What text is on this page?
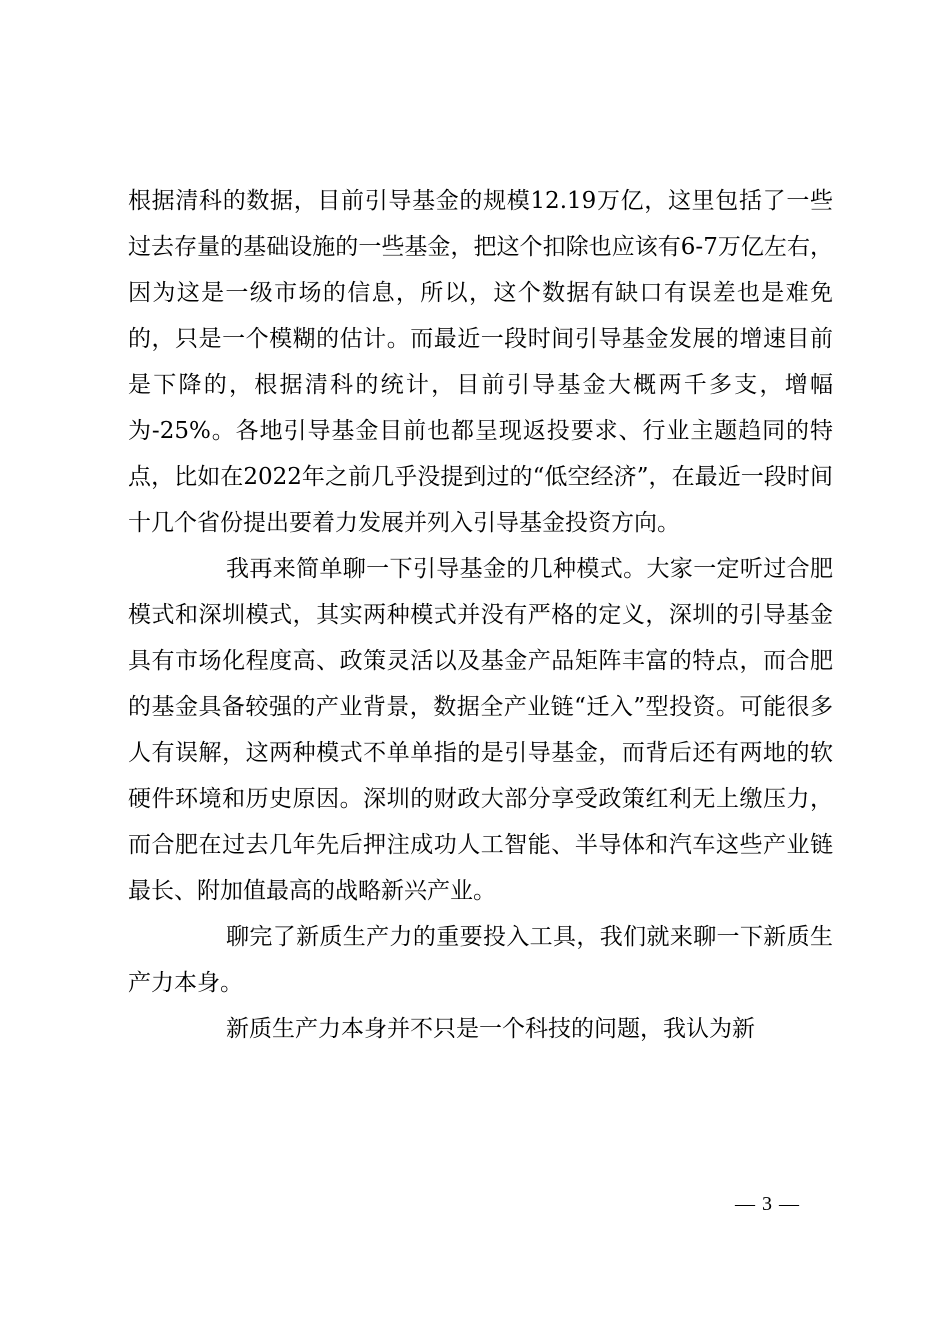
根据清科的数据，目前引导基金的规模12.19万亿，这里包括了一些过去存量的基础设施的一些基金，把这个扣除也应该有6-7万亿左右，因为这是一级市场的信息，所以，这个数据有缺口有误差也是难免的，只是一个模糊的估计。而最近一段时间引导基金发展的增速目前是下降的，根据清科的统计，目前引导基金大概两千多支，增幅为-25%。各地引导基金目前也都呈现返投要求、行业主题趋同的特点，比如在2022年之前几乎没提到过的“低空经济”，在最近一段时间十几个省份提出要着力发展并列入引导基金投资方向。

我再来简单聊一下引导基金的几种模式。大家一定听过合肥模式和深圳模式，其实两种模式并没有严格的定义，深圳的引导基金具有市场化程度高、政策灵活以及基金产品矩阵丰富的特点，而合肥的基金具备较强的产业背景，数据全产业链“迁入”型投资。可能很多人有误解，这两种模式不单单指的是引导基金，而背后还有两地的软硬件环境和历史原因。深圳的财政大部分享受政策红利无上缴压力，而合肥在过去几年先后押注成功人工智能、半导体和汽车这些产业链最长、附加值最高的战略新兴产业。

聊完了新质生产力的重要投入工具，我们就来聊一下新质生产力本身。

新质生产力本身并不只是一个科技的问题，我认为新

— 3 —
